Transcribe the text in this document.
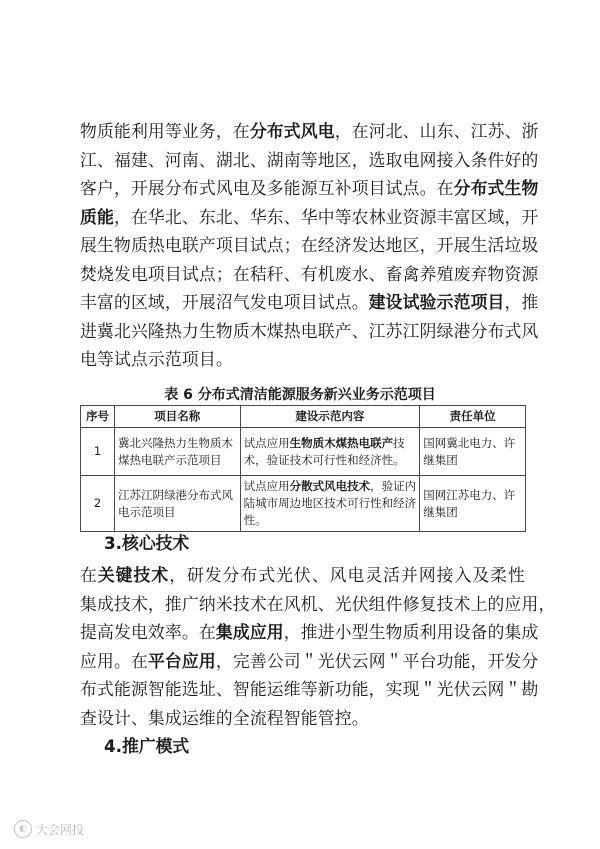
物质能利用等业务，在分布式风电，在河北、山东、江苏、浙
江、福建、河南、湖北、湖南等地区，选取电网接入条件好的
客户，开展分布式风电及多能源互补项目试点。在分布式生物
质能，在华北、东北、华东、华中等农林业资源丰富区域，开
展生物质热电联产项目试点；在经济发达地区，开展生活垃圾
焚烧发电项目试点；在秸秆、有机废水、畜禽养殖废弃物资源
丰富的区域，开展沼气发电项目试点。建设试验示范项目，推
进冀北兴隆热力生物质木煤热电联产、江苏江阴绿港分布式风
电等试点示范项目。
表 6 分布式清洁能源服务新兴业务示范项目
序号	项目名称	建设示范内容	责任单位
1	冀北兴隆热力生物质木煤热电联产示范项目	试点应用生物质木煤热电联产技术，验证技术可行性和经济性。	国网冀北电力、许继集团
2	江苏江阴绿港分布式风电示范项目	试点应用分散式风电技术，验证内陆城市周边地区技术可行性和经济性。	国网江苏电力、许继集团
3.核心技术
在关键技术，研发分布式光伏、风电灵活并网接入及柔性
集成技术，推广纳米技术在风机、光伏组件修复技术上的应用，
提高发电效率。在集成应用，推进小型生物质利用设备的集成
应用。在平台应用，完善公司＂光伏云网＂平台功能，开发分
布式能源智能选址、智能运维等新功能，实现＂光伏云网＂勘
查设计、集成运维的全流程智能管控。
4.推广模式
◐ 大会网投
